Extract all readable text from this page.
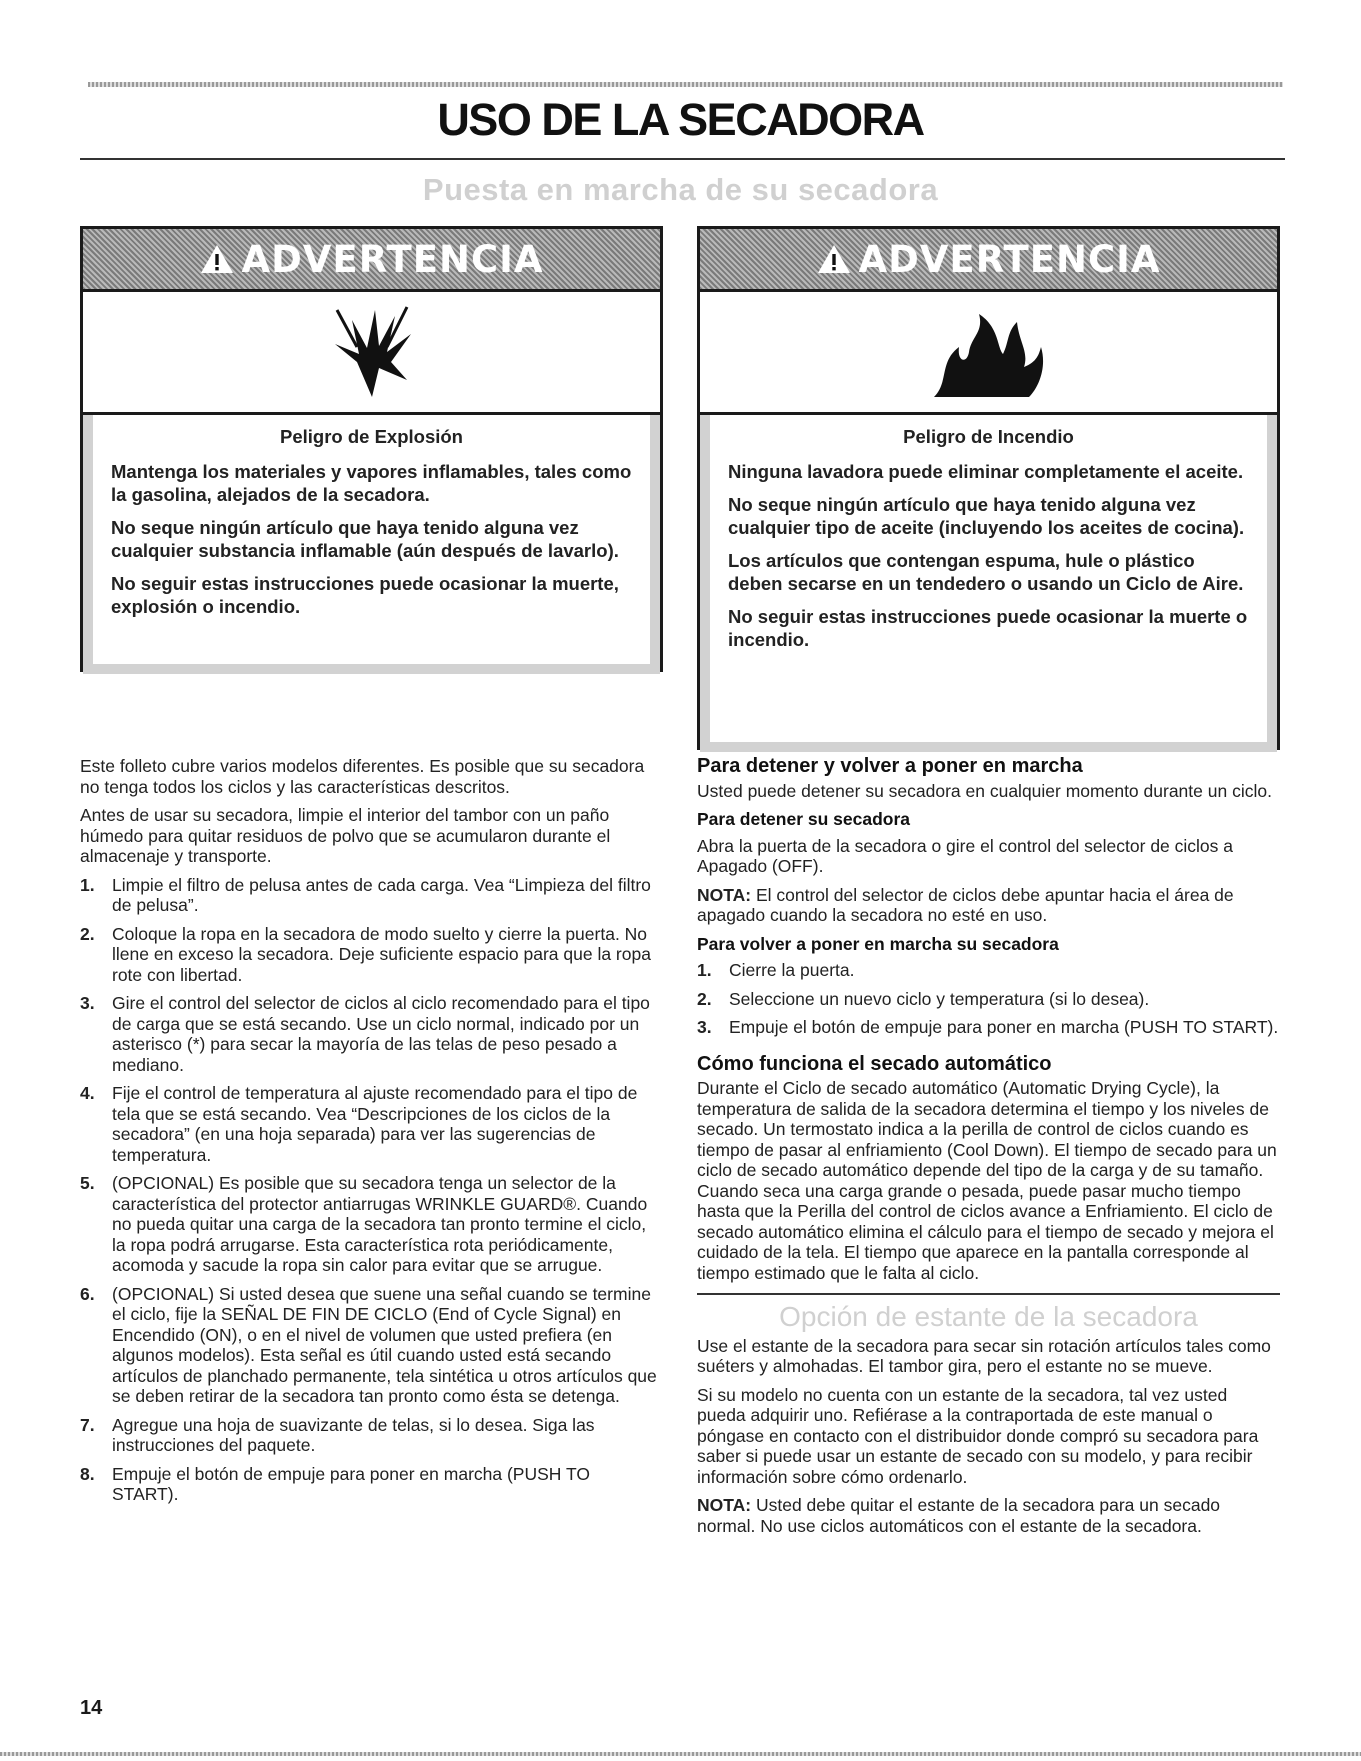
USO DE LA SECADORA
Puesta en marcha de su secadora
ADVERTENCIA

Peligro de Explosión

Mantenga los materiales y vapores inflamables, tales como la gasolina, alejados de la secadora.

No seque ningún artículo que haya tenido alguna vez cualquier substancia inflamable (aún después de lavarlo).

No seguir estas instrucciones puede ocasionar la muerte, explosión o incendio.

ADVERTENCIA

Peligro de Incendio

Ninguna lavadora puede eliminar completamente el aceite.

No seque ningún artículo que haya tenido alguna vez cualquier tipo de aceite (incluyendo los aceites de cocina).

Los artículos que contengan espuma, hule o plástico deben secarse en un tendedero o usando un Ciclo de Aire.

No seguir estas instrucciones puede ocasionar la muerte o incendio.

Este folleto cubre varios modelos diferentes. Es posible que su secadora no tenga todos los ciclos y las características descritos.

Antes de usar su secadora, limpie el interior del tambor con un paño húmedo para quitar residuos de polvo que se acumularon durante el almacenaje y transporte.

1. Limpie el filtro de pelusa antes de cada carga. Vea “Limpieza del filtro de pelusa”.
2. Coloque la ropa en la secadora de modo suelto y cierre la puerta. No llene en exceso la secadora. Deje suficiente espacio para que la ropa rote con libertad.
3. Gire el control del selector de ciclos al ciclo recomendado para el tipo de carga que se está secando. Use un ciclo normal, indicado por un asterisco (*) para secar la mayoría de las telas de peso pesado a mediano.
4. Fije el control de temperatura al ajuste recomendado para el tipo de tela que se está secando. Vea “Descripciones de los ciclos de la secadora” (en una hoja separada) para ver las sugerencias de temperatura.
5. (OPCIONAL) Es posible que su secadora tenga un selector de la característica del protector antiarrugas WRINKLE GUARD®. Cuando no pueda quitar una carga de la secadora tan pronto termine el ciclo, la ropa podrá arrugarse. Esta característica rota periódicamente, acomoda y sacude la ropa sin calor para evitar que se arrugue.
6. (OPCIONAL) Si usted desea que suene una señal cuando se termine el ciclo, fije la SEÑAL DE FIN DE CICLO (End of Cycle Signal) en Encendido (ON), o en el nivel de volumen que usted prefiera (en algunos modelos). Esta señal es útil cuando usted está secando artículos de planchado permanente, tela sintética u otros artículos que se deben retirar de la secadora tan pronto como ésta se detenga.
7. Agregue una hoja de suavizante de telas, si lo desea. Siga las instrucciones del paquete.
8. Empuje el botón de empuje para poner en marcha (PUSH TO START).
Para detener y volver a poner en marcha

Usted puede detener su secadora en cualquier momento durante un ciclo.

Para detener su secadora

Abra la puerta de la secadora o gire el control del selector de ciclos a Apagado (OFF).

NOTA: El control del selector de ciclos debe apuntar hacia el área de apagado cuando la secadora no esté en uso.

Para volver a poner en marcha su secadora
1. Cierre la puerta.
2. Seleccione un nuevo ciclo y temperatura (si lo desea).
3. Empuje el botón de empuje para poner en marcha (PUSH TO START).
Cómo funciona el secado automático

Durante el Ciclo de secado automático (Automatic Drying Cycle), la temperatura de salida de la secadora determina el tiempo y los niveles de secado. Un termostato indica a la perilla de control de ciclos cuando es tiempo de pasar al enfriamiento (Cool Down). El tiempo de secado para un ciclo de secado automático depende del tipo de la carga y de su tamaño. Cuando seca una carga grande o pesada, puede pasar mucho tiempo hasta que la Perilla del control de ciclos avance a Enfriamiento. El ciclo de secado automático elimina el cálculo para el tiempo de secado y mejora el cuidado de la tela. El tiempo que aparece en la pantalla corresponde al tiempo estimado que le falta al ciclo.

Opción de estante de la secadora

Use el estante de la secadora para secar sin rotación artículos tales como suéters y almohadas. El tambor gira, pero el estante no se mueve.

Si su modelo no cuenta con un estante de la secadora, tal vez usted pueda adquirir uno. Refiérase a la contraportada de este manual o póngase en contacto con el distribuidor donde compró su secadora para saber si puede usar un estante de secado con su modelo, y para recibir información sobre cómo ordenarlo.

NOTA: Usted debe quitar el estante de la secadora para un secado normal. No use ciclos automáticos con el estante de la secadora.

14
